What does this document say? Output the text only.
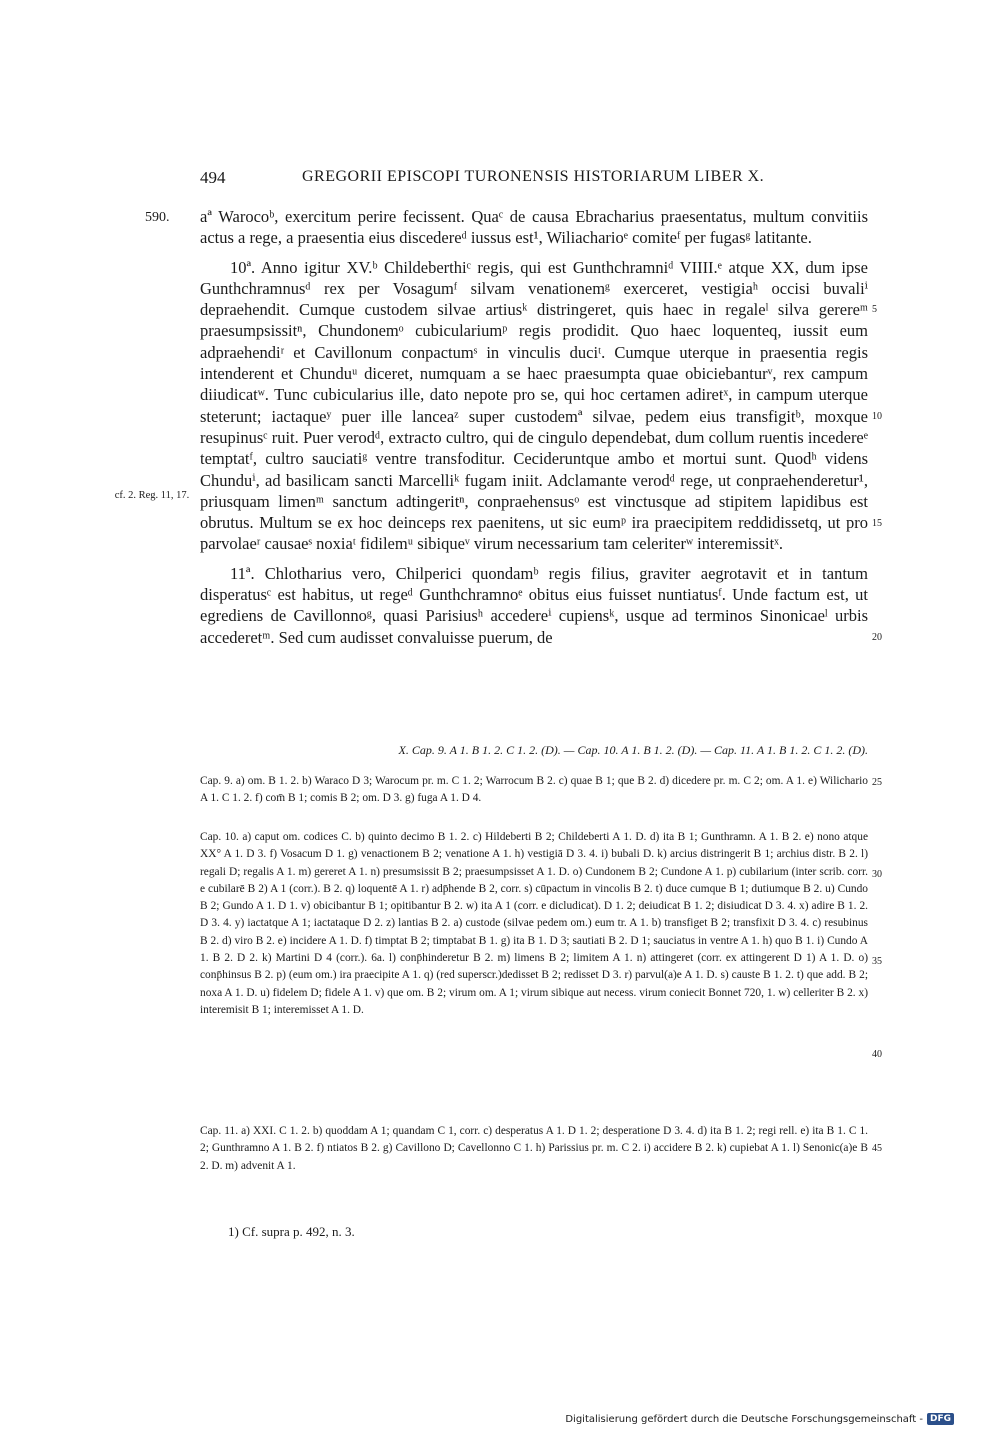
494	GREGORII EPISCOPI TURONENSIS HISTORIARUM LIBER X.
590.
cf. 2. Reg. 11, 17.

aª Warocoᵇ, exercitum perire fecissent. Quaᶜ de causa Ebracharius praesentatus, multum convitiis actus a rege, a praesentia eius discedereᵈ iussus est¹, Wiliacharioᵉ comiteᶠ per fugasᵍ latitante.

10ª. Anno igitur XV.ᵇ Childeberthiᶜ regis, qui est Gunthchramniᵈ VIIII.ᵉ atque XX, dum ipse Gunthchramnusᵈ rex per Vosagumᶠ silvam venationemᵍ exerceret, vestigiaʰ occisi buvaliⁱ depraehendit. Cumque custodem silvae artiusᵏ distringeret, quis haec in regaleˡ silva gerereᵐ praesumpsissitⁿ, Chundonemᵒ cubiculariumᵖ regis prodidit. Quo haec loquenteq, iussit eum adpraehendiʳ et Cavillonum conpactumˢ in vinculis duciᵗ. Cumque uterque in praesentia regis intenderent et Chunduᵘ diceret, numquam a se haec praesumpta quae obiciebanturᵛ, rex campum diiudicatʷ. Tunc cubicularius ille, dato nepote pro se, qui hoc certamen adiretˣ, in campum uterque steterunt; iactaqueʸ puer ille lanceaᶻ super custodemª silvae, pedem eius transfigitᵇ, moxque resupinusᶜ ruit. Puer verodᵈ, extracto cultro, qui de cingulo dependebat, dum collum ruentis incedereᵉ temptatᶠ, cultro sauciatiᵍ ventre transfoditur. Cecideruntque ambo et mortui sunt. Quodʰ videns Chunduⁱ, ad basilicam sancti Marcelliᵏ fugam iniit. Adclamante verodᵈ rege, ut conpraehenderetur¹, priusquam limenᵐ sanctum adtingeritⁿ, conpraehensusᵒ est vinctusque ad stipitem lapidibus est obrutus. Multum se ex hoc deinceps rex paenitens, ut sic eumᵖ ira praecipitem reddidissetq, ut pro parvolaeʳ causaeˢ noxiaᵗ fidilemᵘ sibiqueᵛ virum necessarium tam celeriterʷ interemissitˣ.

11ª. Chlotharius vero, Chilperici quondamᵇ regis filius, graviter aegrotavit et in tantum disperatusᶜ est habitus, ut regeᵈ Gunthchramnoᵉ obitus eius fuisset nuntiatusᶠ. Unde factum est, ut egrediens de Cavillonnoᵍ, quasi Parisiusʰ accedereⁱ cupiensᵏ, usque ad terminos Sinonicaeˡ urbis accederetᵐ. Sed cum audisset convaluisse puerum, de

5
10
15
20
25
30
35
40
45
X. Cap. 9. A 1. B 1. 2. C 1. 2. (D). — Cap. 10. A 1. B 1. 2. (D). — Cap. 11. A 1. B 1. 2. C 1. 2. (D).

Cap. 9. a) om. B 1. 2. b) Waraco D 3; Warocum pr. m. C 1. 2; Warrocum B 2. c) quae B 1; que B 2. d) dicedere pr. m. C 2; om. A 1. e) Wilichario A 1. C 1. 2. f) com̄ B 1; comis B 2; om. D 3. g) fuga A 1. D 4.

Cap. 10. a) caput om. codices C. b) quinto decimo B 1. 2. c) Hildeberti B 2; Childeberti A 1. D. d) ita B 1; Gunthramn. A 1. B 2. e) nono atque XX° A 1. D 3. f) Vosacum D 1. g) venactionem B 2; venatione A 1. h) vestigiā D 3. 4. i) bubali D. k) arcius distringerit B 1; archius distr. B 2. l) regali D; regalis A 1. m) gereret A 1. n) presumsissit B 2; praesumpsisset A 1. D. o) Cundonem B 2; Cundone A 1. p) cubilarium (inter scrib. corr. e cubilarē B 2) A 1 (corr.). B 2. q) loquentē A 1. r) adp̄hende B 2, corr. s) cūpactum in vincolis B 2. t) duce cumque B 1; dutiumque B 2. u) Cundo B 2; Gundo A 1. D 1. v) obicibantur B 1; opitibantur B 2. w) ita A 1 (corr. e dicludicat). D 1. 2; deiudicat B 1. 2; disiudicat D 3. 4. x) adire B 1. 2. D 3. 4. y) iactatque A 1; iactataque D 2. z) lantias B 2. a) custode (silvae pedem om.) eum tr. A 1. b) transfiget B 2; transfixit D 3. 4. c) resubinus B 2. d) viro B 2. e) incidere A 1. D. f) timptat B 2; timptabat B 1. g) ita B 1. D 3; sautiati B 2. D 1; sauciatus in ventre A 1. h) quo B 1. i) Cundo A 1. B 2. D 2. k) Martini D 4 (corr.). 6a. l) conp̄hinderetur B 2. m) limens B 2; limitem A 1. n) attingeret (corr. ex attingerent D 1) A 1. D. o) conp̄hinsus B 2. p) (eum om.) ira praecipite A 1. q) (red superscr.)dedisset B 2; redisset D 3. r) parvul(a)e A 1. D. s) causte B 1. 2. t) que add. B 2; noxa A 1. D. u) fidelem D; fidele A 1. v) que om. B 2; virum om. A 1; virum sibique aut necess. virum coniecit Bonnet 720, 1. w) celleriter B 2. x) interemisit B 1; interemisset A 1. D.

Cap. 11. a) XXI. C 1. 2. b) quoddam A 1; quandam C 1, corr. c) desperatus A 1. D 1. 2; desperatione D 3. 4. d) ita B 1. 2; regi rell. e) ita B 1. C 1. 2; Gunthramno A 1. B 2. f) ntiatos B 2. g) Cavillono D; Cavellonno C 1. h) Parissius pr. m. C 2. i) accidere B 2. k) cupiebat A 1. l) Senonic(a)e B 2. D. m) advenit A 1.

1) Cf. supra p. 492, n. 3.
Digitalisierung gefördert durch die Deutsche Forschungsgemeinschaft - DFG
